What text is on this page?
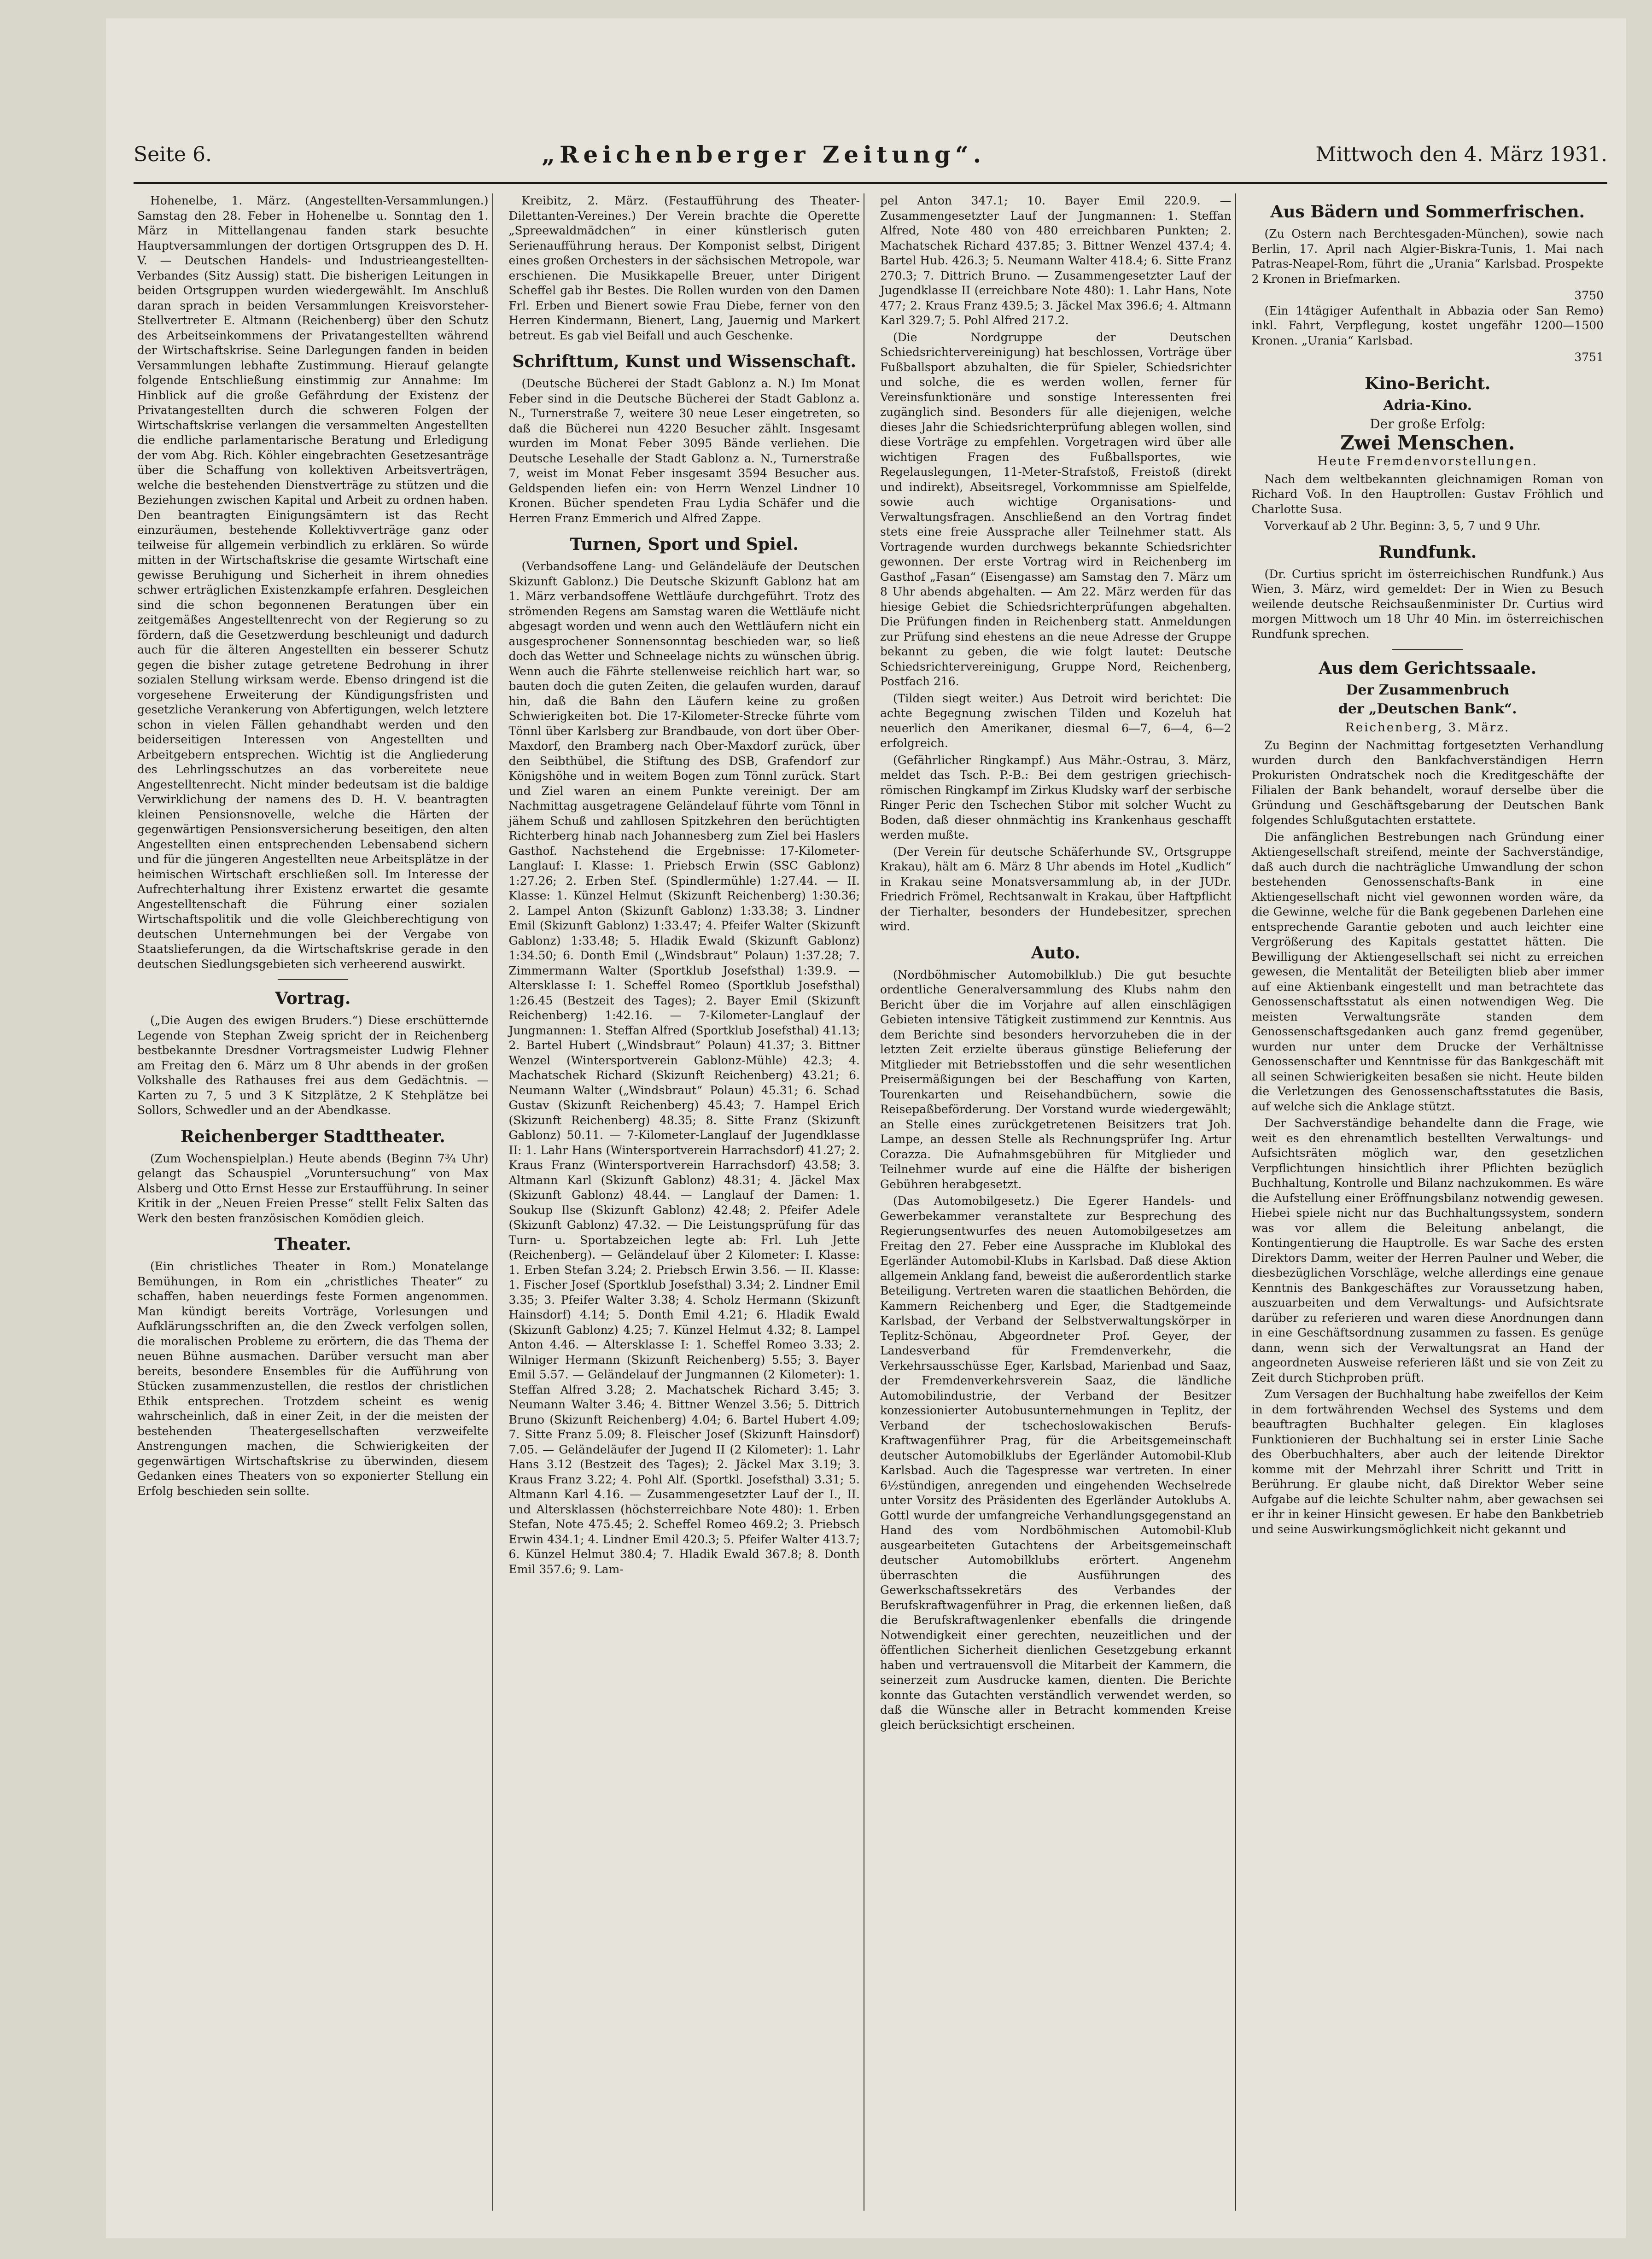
Seite 6.	„Reichenberger Zeitung“.	Mittwoch den 4. März 1931.

Hohenelbe, 1. März. (Angestellten-Versammlungen.) Samstag den 28. Feber in Hohenelbe u. Sonntag den 1. März in Mittellangenau fanden stark besuchte Hauptversammlungen der dortigen Ortsgruppen des D. H. V. — Deutschen Handels- und Industrieangestellten-Verbandes (Sitz Aussig) statt. Die bisherigen Leitungen in beiden Ortsgruppen wurden wiedergewählt. Im Anschluß daran sprach in beiden Versammlungen Kreisvorsteher-Stellvertreter E. Altmann (Reichenberg) über den Schutz des Arbeitseinkommens der Privatangestellten während der Wirtschaftskrise. Seine Darlegungen fanden in beiden Versammlungen lebhafte Zustimmung. Hierauf gelangte folgende Entschließung einstimmig zur Annahme: Im Hinblick auf die große Gefährdung der Existenz der Privatangestellten durch die schweren Folgen der Wirtschaftskrise verlangen die versammelten Angestellten die endliche parlamentarische Beratung und Erledigung der vom Abg. Rich. Köhler eingebrachten Gesetzesanträge über die Schaffung von kollektiven Arbeitsverträgen, welche die bestehenden Dienstverträge zu stützen und die Beziehungen zwischen Kapital und Arbeit zu ordnen haben. Den beantragten Einigungsämtern ist das Recht einzuräumen, bestehende Kollektivverträge ganz oder teilweise für allgemein verbindlich zu erklären. So würde mitten in der Wirtschaftskrise die gesamte Wirtschaft eine gewisse Beruhigung und Sicherheit in ihrem ohnedies schwer erträglichen Existenzkampfe erfahren. Desgleichen sind die schon begonnenen Beratungen über ein zeitgemäßes Angestelltenrecht von der Regierung so zu fördern, daß die Gesetzwerdung beschleunigt und dadurch auch für die älteren Angestellten ein besserer Schutz gegen die bisher zutage getretene Bedrohung in ihrer sozialen Stellung wirksam werde. Ebenso dringend ist die vorgesehene Erweiterung der Kündigungsfristen und gesetzliche Verankerung von Abfertigungen, welch letztere schon in vielen Fällen gehandhabt werden und den beiderseitigen Interessen von Angestellten und Arbeitgebern entsprechen. Wichtig ist die Angliederung des Lehrlingsschutzes an das vorbereitete neue Angestelltenrecht. Nicht minder bedeutsam ist die baldige Verwirklichung der namens des D. H. V. beantragten kleinen Pensionsnovelle, welche die Härten der gegenwärtigen Pensionsversicherung beseitigen, den alten Angestellten einen entsprechenden Lebensabend sichern und für die jüngeren Angestellten neue Arbeitsplätze in der heimischen Wirtschaft erschließen soll. Im Interesse der Aufrechterhaltung ihrer Existenz erwartet die gesamte Angestelltenschaft die Führung einer sozialen Wirtschaftspolitik und die volle Gleichberechtigung von deutschen Unternehmungen bei der Vergabe von Staatslieferungen, da die Wirtschaftskrise gerade in den deutschen Siedlungsgebieten sich verheerend auswirkt.

Vortrag.

(„Die Augen des ewigen Bruders.“) Diese erschütternde Legende von Stephan Zweig spricht der in Reichenberg bestbekannte Dresdner Vortragsmeister Ludwig Flehner am Freitag den 6. März um 8 Uhr abends in der großen Volkshalle des Rathauses frei aus dem Gedächtnis. — Karten zu 7, 5 und 3 K Sitzplätze, 2 K Stehplätze bei Sollors, Schwedler und an der Abendkasse.

Reichenberger Stadttheater.

(Zum Wochenspielplan.) Heute abends (Beginn 7¾ Uhr) gelangt das Schauspiel „Voruntersuchung“ von Max Alsberg und Otto Ernst Hesse zur Erstaufführung. In seiner Kritik in der „Neuen Freien Presse“ stellt Felix Salten das Werk den besten französischen Komödien gleich.

Theater.

(Ein christliches Theater in Rom.) Monatelange Bemühungen, in Rom ein „christliches Theater“ zu schaffen, haben neuerdings feste Formen angenommen. Man kündigt bereits Vorträge, Vorlesungen und Aufklärungsschriften an, die den Zweck verfolgen sollen, die moralischen Probleme zu erörtern, die das Thema der neuen Bühne ausmachen. Darüber versucht man aber bereits, besondere Ensembles für die Aufführung von Stücken zusammenzustellen, die restlos der christlichen Ethik entsprechen. Trotzdem scheint es wenig wahrscheinlich, daß in einer Zeit, in der die meisten der bestehenden Theatergesellschaften verzweifelte Anstrengungen machen, die Schwierigkeiten der gegenwärtigen Wirtschaftskrise zu überwinden, diesem Gedanken eines Theaters von so exponierter Stellung ein Erfolg beschieden sein sollte.

Kreibitz, 2. März. (Festaufführung des Theater-Dilettanten-Vereines.) Der Verein brachte die Operette „Spreewaldmädchen“ in einer künstlerisch guten Serienaufführung heraus. Der Komponist selbst, Dirigent eines großen Orchesters in der sächsischen Metropole, war erschienen. Die Musikkapelle Breuer, unter Dirigent Scheffel gab ihr Bestes. Die Rollen wurden von den Damen Frl. Erben und Bienert sowie Frau Diebe, ferner von den Herren Kindermann, Bienert, Lang, Jauernig und Markert betreut. Es gab viel Beifall und auch Geschenke.

Schrifttum, Kunst und Wissenschaft.

(Deutsche Bücherei der Stadt Gablonz a. N.) Im Monat Feber sind in die Deutsche Bücherei der Stadt Gablonz a. N., Turnerstraße 7, weitere 30 neue Leser eingetreten, so daß die Bücherei nun 4220 Besucher zählt. Insgesamt wurden im Monat Feber 3095 Bände verliehen. Die Deutsche Lesehalle der Stadt Gablonz a. N., Turnerstraße 7, weist im Monat Feber insgesamt 3594 Besucher aus. Geldspenden liefen ein: von Herrn Wenzel Lindner 10 Kronen. Bücher spendeten Frau Lydia Schäfer und die Herren Franz Emmerich und Alfred Zappe.

Turnen, Sport und Spiel.

(Verbandsoffene Lang- und Geländeläufe der Deutschen Skizunft Gablonz.) Die Deutsche Skizunft Gablonz hat am 1. März verbandsoffene Wettläufe durchgeführt. Trotz des strömenden Regens am Samstag waren die Wettläufe nicht abgesagt worden und wenn auch den Wettläufern nicht ein ausgesprochener Sonnensonntag beschieden war, so ließ doch das Wetter und Schneelage nichts zu wünschen übrig. Wenn auch die Fährte stellenweise reichlich hart war, so bauten doch die guten Zeiten, die gelaufen wurden, darauf hin, daß die Bahn den Läufern keine zu großen Schwierigkeiten bot. Die 17-Kilometer-Strecke führte vom Tönnl über Karlsberg zur Brandbaude, von dort über Ober-Maxdorf, den Bramberg nach Ober-Maxdorf zurück, über den Seibthübel, die Stiftung des DSB, Grafendorf zur Königshöhe und in weitem Bogen zum Tönnl zurück. Start und Ziel waren an einem Punkte vereinigt. Der am Nachmittag ausgetragene Geländelauf führte vom Tönnl in jähem Schuß und zahllosen Spitzkehren den berüchtigten Richterberg hinab nach Johannesberg zum Ziel bei Haslers Gasthof. Nachstehend die Ergebnisse: 17-Kilometer-Langlauf: I. Klasse: 1. Priebsch Erwin (SSC Gablonz) 1:27.26; 2. Erben Stef. (Spindlermühle) 1:27.44. — II. Klasse: 1. Künzel Helmut (Skizunft Reichenberg) 1:30.36; 2. Lampel Anton (Skizunft Gablonz) 1:33.38; 3. Lindner Emil (Skizunft Gablonz) 1:33.47; 4. Pfeifer Walter (Skizunft Gablonz) 1:33.48; 5. Hladik Ewald (Skizunft Gablonz) 1:34.50; 6. Donth Emil („Windsbraut“ Polaun) 1:37.28; 7. Zimmermann Walter (Sportklub Josefsthal) 1:39.9. — Altersklasse I: 1. Scheffel Romeo (Sportklub Josefsthal) 1:26.45 (Bestzeit des Tages); 2. Bayer Emil (Skizunft Reichenberg) 1:42.16. — 7-Kilometer-Langlauf der Jungmannen: 1. Steffan Alfred (Sportklub Josefsthal) 41.13; 2. Bartel Hubert („Windsbraut“ Polaun) 41.37; 3. Bittner Wenzel (Wintersportverein Gablonz-Mühle) 42.3; 4. Machatschek Richard (Skizunft Reichenberg) 43.21; 6. Neumann Walter („Windsbraut“ Polaun) 45.31; 6. Schad Gustav (Skizunft Reichenberg) 45.43; 7. Hampel Erich (Skizunft Reichenberg) 48.35; 8. Sitte Franz (Skizunft Gablonz) 50.11. — 7-Kilometer-Langlauf der Jugendklasse II: 1. Lahr Hans (Wintersportverein Harrachsdorf) 41.27; 2. Kraus Franz (Wintersportverein Harrachsdorf) 43.58; 3. Altmann Karl (Skizunft Gablonz) 48.31; 4. Jäckel Max (Skizunft Gablonz) 48.44. — Langlauf der Damen: 1. Soukup Ilse (Skizunft Gablonz) 42.48; 2. Pfeifer Adele (Skizunft Gablonz) 47.32. — Die Leistungsprüfung für das Turn- u. Sportabzeichen legte ab: Frl. Luh Jette (Reichenberg). — Geländelauf über 2 Kilometer: I. Klasse: 1. Erben Stefan 3.24; 2. Priebsch Erwin 3.56. — II. Klasse: 1. Fischer Josef (Sportklub Josefsthal) 3.34; 2. Lindner Emil 3.35; 3. Pfeifer Walter 3.38; 4. Scholz Hermann (Skizunft Hainsdorf) 4.14; 5. Donth Emil 4.21; 6. Hladik Ewald (Skizunft Gablonz) 4.25; 7. Künzel Helmut 4.32; 8. Lampel Anton 4.46. — Altersklasse I: 1. Scheffel Romeo 3.33; 2. Wilniger Hermann (Skizunft Reichenberg) 5.55; 3. Bayer Emil 5.57. — Geländelauf der Jungmannen (2 Kilometer): 1. Steffan Alfred 3.28; 2. Machatschek Richard 3.45; 3. Neumann Walter 3.46; 4. Bittner Wenzel 3.56; 5. Dittrich Bruno (Skizunft Reichenberg) 4.04; 6. Bartel Hubert 4.09; 7. Sitte Franz 5.09; 8. Fleischer Josef (Skizunft Hainsdorf) 7.05. — Geländeläufer der Jugend II (2 Kilometer): 1. Lahr Hans 3.12 (Bestzeit des Tages); 2. Jäckel Max 3.19; 3. Kraus Franz 3.22; 4. Pohl Alf. (Sportkl. Josefsthal) 3.31; 5. Altmann Karl 4.16. — Zusammengesetzter Lauf der I., II. und Altersklassen (höchsterreichbare Note 480): 1. Erben Stefan, Note 475.45; 2. Scheffel Romeo 469.2; 3. Priebsch Erwin 434.1; 4. Lindner Emil 420.3; 5. Pfeifer Walter 413.7; 6. Künzel Helmut 380.4; 7. Hladik Ewald 367.8; 8. Donth Emil 357.6; 9. Lam-

pel Anton 347.1; 10. Bayer Emil 220.9. — Zusammengesetzter Lauf der Jungmannen: 1. Steffan Alfred, Note 480 von 480 erreichbaren Punkten; 2. Machatschek Richard 437.85; 3. Bittner Wenzel 437.4; 4. Bartel Hub. 426.3; 5. Neumann Walter 418.4; 6. Sitte Franz 270.3; 7. Dittrich Bruno. — Zusammengesetzter Lauf der Jugendklasse II (erreichbare Note 480): 1. Lahr Hans, Note 477; 2. Kraus Franz 439.5; 3. Jäckel Max 396.6; 4. Altmann Karl 329.7; 5. Pohl Alfred 217.2.

(Die Nordgruppe der Deutschen Schiedsrichtervereinigung) hat beschlossen, Vorträge über Fußballsport abzuhalten, die für Spieler, Schiedsrichter und solche, die es werden wollen, ferner für Vereinsfunktionäre und sonstige Interessenten frei zugänglich sind. Besonders für alle diejenigen, welche dieses Jahr die Schiedsrichterprüfung ablegen wollen, sind diese Vorträge zu empfehlen. Vorgetragen wird über alle wichtigen Fragen des Fußballsportes, wie Regelauslegungen, 11-Meter-Strafstoß, Freistoß (direkt und indirekt), Abseitsregel, Vorkommnisse am Spielfelde, sowie auch wichtige Organisations- und Verwaltungsfragen. Anschließend an den Vortrag findet stets eine freie Aussprache aller Teilnehmer statt. Als Vortragende wurden durchwegs bekannte Schiedsrichter gewonnen. Der erste Vortrag wird in Reichenberg im Gasthof „Fasan“ (Eisengasse) am Samstag den 7. März um 8 Uhr abends abgehalten. — Am 22. März werden für das hiesige Gebiet die Schiedsrichterprüfungen abgehalten. Die Prüfungen finden in Reichenberg statt. Anmeldungen zur Prüfung sind ehestens an die neue Adresse der Gruppe bekannt zu geben, die wie folgt lautet: Deutsche Schiedsrichtervereinigung, Gruppe Nord, Reichenberg, Postfach 216.

(Tilden siegt weiter.) Aus Detroit wird berichtet: Die achte Begegnung zwischen Tilden und Kozeluh hat neuerlich den Amerikaner, diesmal 6—7, 6—4, 6—2 erfolgreich.

(Gefährlicher Ringkampf.) Aus Mähr.-Ostrau, 3. März, meldet das Tsch. P.-B.: Bei dem gestrigen griechisch-römischen Ringkampf im Zirkus Kludsky warf der serbische Ringer Peric den Tschechen Stibor mit solcher Wucht zu Boden, daß dieser ohnmächtig ins Krankenhaus geschafft werden mußte.

(Der Verein für deutsche Schäferhunde SV., Ortsgruppe Krakau), hält am 6. März 8 Uhr abends im Hotel „Kudlich“ in Krakau seine Monatsversammlung ab, in der JUDr. Friedrich Frömel, Rechtsanwalt in Krakau, über Haftpflicht der Tierhalter, besonders der Hundebesitzer, sprechen wird.

Auto.

(Nordböhmischer Automobilklub.) Die gut besuchte ordentliche Generalversammlung des Klubs nahm den Bericht über die im Vorjahre auf allen einschlägigen Gebieten intensive Tätigkeit zustimmend zur Kenntnis. Aus dem Berichte sind besonders hervorzuheben die in der letzten Zeit erzielte überaus günstige Belieferung der Mitglieder mit Betriebsstoffen und die sehr wesentlichen Preisermäßigungen bei der Beschaffung von Karten, Tourenkarten und Reisehandbüchern, sowie die Reisepaßbeförderung. Der Vorstand wurde wiedergewählt; an Stelle eines zurückgetretenen Beisitzers trat Joh. Lampe, an dessen Stelle als Rechnungsprüfer Ing. Artur Corazza. Die Aufnahmsgebühren für Mitglieder und Teilnehmer wurde auf eine die Hälfte der bisherigen Gebühren herabgesetzt.

(Das Automobilgesetz.) Die Egerer Handels- und Gewerbekammer veranstaltete zur Besprechung des Regierungsentwurfes des neuen Automobilgesetzes am Freitag den 27. Feber eine Aussprache im Klublokal des Egerländer Automobil-Klubs in Karlsbad. Daß diese Aktion allgemein Anklang fand, beweist die außerordentlich starke Beteiligung. Vertreten waren die staatlichen Behörden, die Kammern Reichenberg und Eger, die Stadtgemeinde Karlsbad, der Verband der Selbstverwaltungskörper in Teplitz-Schönau, Abgeordneter Prof. Geyer, der Landesverband für Fremdenverkehr, die Verkehrsausschüsse Eger, Karlsbad, Marienbad und Saaz, der Fremdenverkehrsverein Saaz, die ländliche Automobilindustrie, der Verband der Besitzer konzessionierter Autobusunternehmungen in Teplitz, der Verband der tschechoslowakischen Berufs-Kraftwagenführer Prag, für die Arbeitsgemeinschaft deutscher Automobilklubs der Egerländer Automobil-Klub Karlsbad. Auch die Tagespresse war vertreten. In einer 6½stündigen, anregenden und eingehenden Wechselrede unter Vorsitz des Präsidenten des Egerländer Autoklubs A. Gottl wurde der umfangreiche Verhandlungsgegenstand an Hand des vom Nordböhmischen Automobil-Klub ausgearbeiteten Gutachtens der Arbeitsgemeinschaft deutscher Automobilklubs erörtert. Angenehm überraschten die Ausführungen des Gewerkschaftssekretärs des Verbandes der Berufskraftwagenführer in Prag, die erkennen ließen, daß die Berufskraftwagenlenker ebenfalls die dringende Notwendigkeit einer gerechten, neuzeitlichen und der öffentlichen Sicherheit dienlichen Gesetzgebung erkannt haben und vertrauensvoll die Mitarbeit der Kammern, die seinerzeit zum Ausdrucke kamen, dienten. Die Berichte konnte das Gutachten verständlich verwendet werden, so daß die Wünsche aller in Betracht kommenden Kreise gleich berücksichtigt erscheinen.

Aus Bädern und Sommerfrischen.

(Zu Ostern nach Berchtesgaden-München), sowie nach Berlin, 17. April nach Algier-Biskra-Tunis, 1. Mai nach Patras-Neapel-Rom, führt die „Urania“ Karlsbad. Prospekte 2 Kronen in Briefmarken.

3750

(Ein 14tägiger Aufenthalt in Abbazia oder San Remo) inkl. Fahrt, Verpflegung, kostet ungefähr 1200—1500 Kronen. „Urania“ Karlsbad.

3751
Kino-Bericht.
Adria-Kino.
Der große Erfolg:
Zwei Menschen.
Heute Fremdenvorstellungen.

Nach dem weltbekannten gleichnamigen Roman von Richard Voß. In den Hauptrollen: Gustav Fröhlich und Charlotte Susa.

Vorverkauf ab 2 Uhr. Beginn: 3, 5, 7 und 9 Uhr.

Rundfunk.

(Dr. Curtius spricht im österreichischen Rundfunk.) Aus Wien, 3. März, wird gemeldet: Der in Wien zu Besuch weilende deutsche Reichsaußenminister Dr. Curtius wird morgen Mittwoch um 18 Uhr 40 Min. im österreichischen Rundfunk sprechen.

Aus dem Gerichtssaale.
Der Zusammenbruch
der „Deutschen Bank“.
Reichenberg, 3. März.

Zu Beginn der Nachmittag fortgesetzten Verhandlung wurden durch den Bankfachverständigen Herrn Prokuristen Ondratschek noch die Kreditgeschäfte der Filialen der Bank behandelt, worauf derselbe über die Gründung und Geschäftsgebarung der Deutschen Bank folgendes Schlußgutachten erstattete.

Die anfänglichen Bestrebungen nach Gründung einer Aktiengesellschaft streifend, meinte der Sachverständige, daß auch durch die nachträgliche Umwandlung der schon bestehenden Genossenschafts-Bank in eine Aktiengesellschaft nicht viel gewonnen worden wäre, da die Gewinne, welche für die Bank gegebenen Darlehen eine entsprechende Garantie geboten und auch leichter eine Vergrößerung des Kapitals gestattet hätten. Die Bewilligung der Aktiengesellschaft sei nicht zu erreichen gewesen, die Mentalität der Beteiligten blieb aber immer auf eine Aktienbank eingestellt und man betrachtete das Genossenschaftsstatut als einen notwendigen Weg. Die meisten Verwaltungsräte standen dem Genossenschaftsgedanken auch ganz fremd gegenüber, wurden nur unter dem Drucke der Verhältnisse Genossenschafter und Kenntnisse für das Bankgeschäft mit all seinen Schwierigkeiten besaßen sie nicht. Heute bilden die Verletzungen des Genossenschaftsstatutes die Basis, auf welche sich die Anklage stützt.

Der Sachverständige behandelte dann die Frage, wie weit es den ehrenamtlich bestellten Verwaltungs- und Aufsichtsräten möglich war, den gesetzlichen Verpflichtungen hinsichtlich ihrer Pflichten bezüglich Buchhaltung, Kontrolle und Bilanz nachzukommen. Es wäre die Aufstellung einer Eröffnungsbilanz notwendig gewesen. Hiebei spiele nicht nur das Buchhaltungssystem, sondern was vor allem die Beleitung anbelangt, die Kontingentierung die Hauptrolle. Es war Sache des ersten Direktors Damm, weiter der Herren Paulner und Weber, die diesbezüglichen Vorschläge, welche allerdings eine genaue Kenntnis des Bankgeschäftes zur Voraussetzung haben, auszuarbeiten und dem Verwaltungs- und Aufsichtsrate darüber zu referieren und waren diese Anordnungen dann in eine Geschäftsordnung zusammen zu fassen. Es genüge dann, wenn sich der Verwaltungsrat an Hand der angeordneten Ausweise referieren läßt und sie von Zeit zu Zeit durch Stichproben prüft.

Zum Versagen der Buchhaltung habe zweifellos der Keim in dem fortwährenden Wechsel des Systems und dem beauftragten Buchhalter gelegen. Ein klagloses Funktionieren der Buchhaltung sei in erster Linie Sache des Oberbuchhalters, aber auch der leitende Direktor komme mit der Mehrzahl ihrer Schritt und Tritt in Berührung. Er glaube nicht, daß Direktor Weber seine Aufgabe auf die leichte Schulter nahm, aber gewachsen sei er ihr in keiner Hinsicht gewesen. Er habe den Bankbetrieb und seine Auswirkungsmöglichkeit nicht gekannt und
